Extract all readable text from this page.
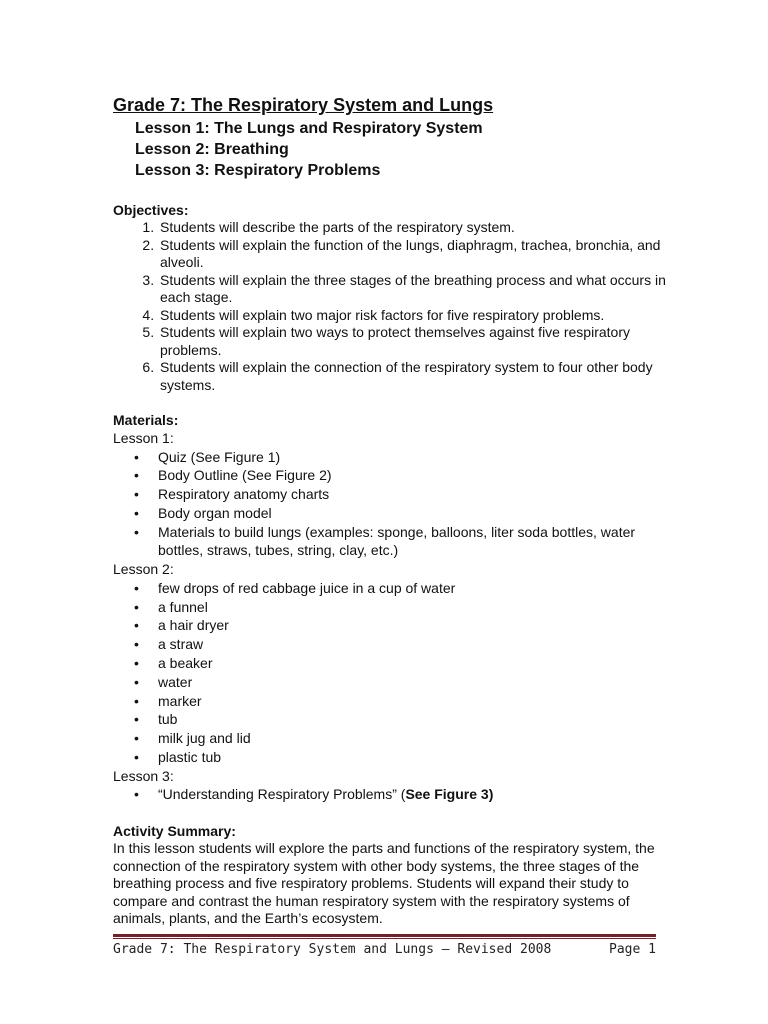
Grade 7: The Respiratory System and Lungs
Lesson 1: The Lungs and Respiratory System
Lesson 2: Breathing
Lesson 3: Respiratory Problems

Objectives:

1. Students will describe the parts of the respiratory system.
2. Students will explain the function of the lungs, diaphragm, trachea, bronchia, and alveoli.
3. Students will explain the three stages of the breathing process and what occurs in each stage.
4. Students will explain two major risk factors for five respiratory problems.
5. Students will explain two ways to protect themselves against five respiratory problems.
6. Students will explain the connection of the respiratory system to four other body systems.

Materials:

Lesson 1:
• Quiz (See Figure 1)
• Body Outline (See Figure 2)
• Respiratory anatomy charts
• Body organ model
• Materials to build lungs (examples: sponge, balloons, liter soda bottles, water bottles, straws, tubes, string, clay, etc.)
Lesson 2:
• few drops of red cabbage juice in a cup of water
• a funnel
• a hair dryer
• a straw
• a beaker
• water
• marker
• tub
• milk jug and lid
• plastic tub
Lesson 3:
• “Understanding Respiratory Problems” (See Figure 3)

Activity Summary:

In this lesson students will explore the parts and functions of the respiratory system, the connection of the respiratory system with other body systems, the three stages of the breathing process and five respiratory problems. Students will expand their study to compare and contrast the human respiratory system with the respiratory systems of animals, plants, and the Earth’s ecosystem.

Grade 7: The Respiratory System and Lungs – Revised 2008	Page 1
